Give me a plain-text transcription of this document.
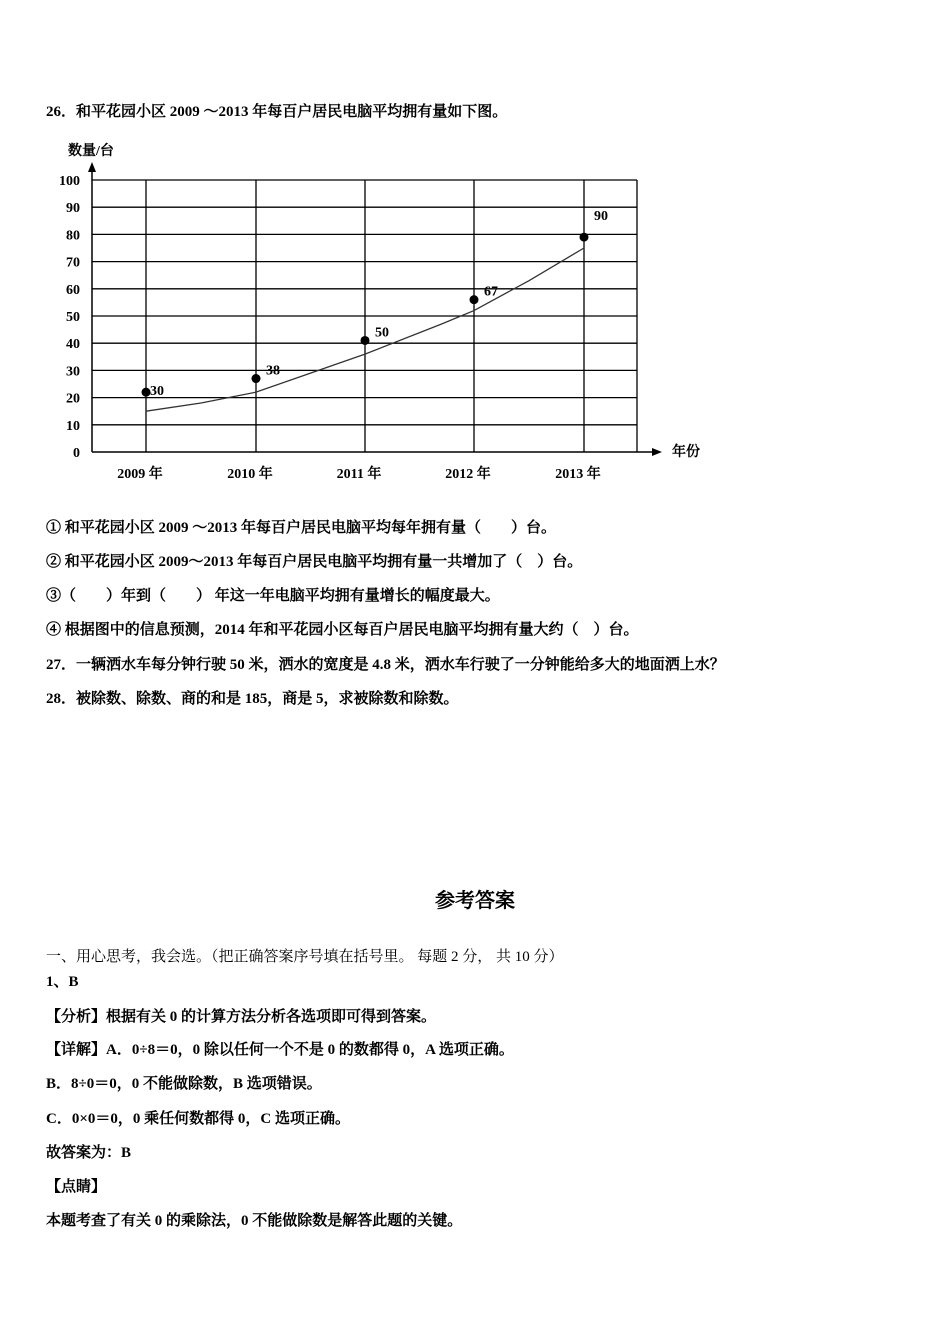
26．和平花园小区 2009 ～2013 年每百户居民电脑平均拥有量如下图。
0
10
20
30
40
50
60
70
80
90
100
2009 年	2010 年	2011 年	2012 年	2013 年
数量/台
年份
30
38
50
67
90
① 和平花园小区 2009 ～2013 年每百户居民电脑平均每年拥有量（　　）台。
② 和平花园小区 2009～2013 年每百户居民电脑平均拥有量一共增加了（　）台。
③（　　）年到（　　） 年这一年电脑平均拥有量增长的幅度最大。
④ 根据图中的信息预测，2014 年和平花园小区每百户居民电脑平均拥有量大约（　）台。
27．一辆洒水车每分钟行驶 50 米，洒水的宽度是 4.8 米，洒水车行驶了一分钟能给多大的地面洒上水？
28．被除数、除数、商的和是 185，商是 5，求被除数和除数。
参考答案
一、用心思考，我会选。（把正确答案序号填在括号里。 每题 2 分， 共 10 分）
1、B
【分析】根据有关 0 的计算方法分析各选项即可得到答案。
【详解】A．0÷8＝0，0 除以任何一个不是 0 的数都得 0，A 选项正确。
B．8÷0＝0，0 不能做除数，B 选项错误。
C．0×0＝0，0 乘任何数都得 0，C 选项正确。
故答案为：B
【点睛】
本题考查了有关 0 的乘除法，0 不能做除数是解答此题的关键。
